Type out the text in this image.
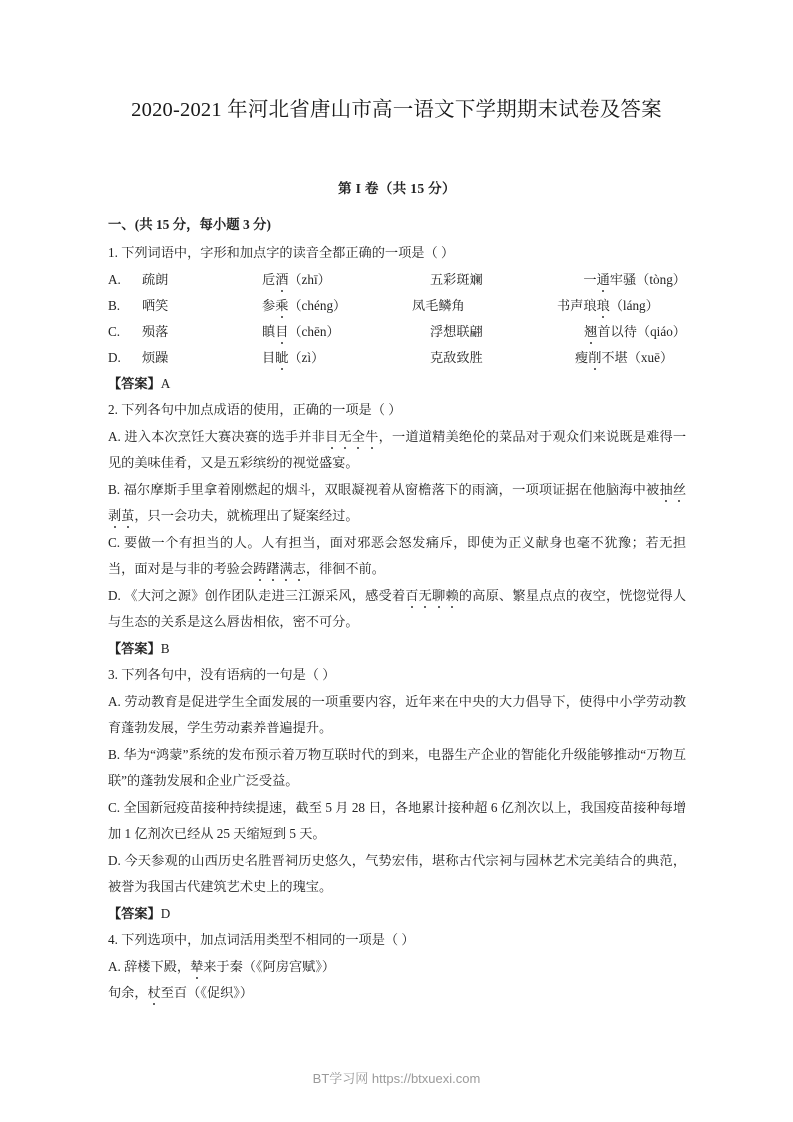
2020-2021 年河北省唐山市高一语文下学期期末试卷及答案
第 I 卷（共 15 分）
一、(共 15 分，每小题 3 分)
1. 下列词语中，字形和加点字的读音全都正确的一项是（ ）
A.	疏朗	卮酒（zhī）	五彩斑斓	一通牢骚（tòng）
B.	哂笑	参乘（chéng）	凤毛鳞角	书声琅琅（láng）
C.	殒落	瞋目（chēn）	浮想联翩	翘首以待（qiáo）
D.	烦躁	目眦（zì）	克敌致胜	瘦削不堪（xuē）
【答案】A
2. 下列各句中加点成语的使用，正确的一项是（ ）
A. 进入本次烹饪大赛决赛的选手并非目无全牛，一道道精美绝伦的菜品对于观众们来说既是难得一见的美味佳肴，又是五彩缤纷的视觉盛宴。
B. 福尔摩斯手里拿着刚燃起的烟斗，双眼凝视着从窗檐落下的雨滴，一项项证据在他脑海中被抽丝剥茧，只一会功夫，就梳理出了疑案经过。
C. 要做一个有担当的人。人有担当，面对邪恶会怒发痛斥，即使为正义献身也毫不犹豫；若无担当，面对是与非的考验会踌躇满志，徘徊不前。
D. 《大河之源》创作团队走进三江源采风，感受着百无聊赖的高原、繁星点点的夜空，恍惚觉得人与生态的关系是这么唇齿相依，密不可分。
【答案】B
3. 下列各句中，没有语病的一句是（ ）
A. 劳动教育是促进学生全面发展的一项重要内容，近年来在中央的大力倡导下，使得中小学劳动教育蓬勃发展，学生劳动素养普遍提升。
B. 华为“鸿蒙”系统的发布预示着万物互联时代的到来，电器生产企业的智能化升级能够推动“万物互联”的蓬勃发展和企业广泛受益。
C. 全国新冠疫苗接种持续提速，截至 5 月 28 日，各地累计接种超 6 亿剂次以上，我国疫苗接种每增加 1 亿剂次已经从 25 天缩短到 5 天。
D. 今天参观的山西历史名胜晋祠历史悠久，气势宏伟，堪称古代宗祠与园林艺术完美结合的典范，被誉为我国古代建筑艺术史上的瑰宝。
【答案】D
4. 下列选项中，加点词活用类型不相同的一项是（ ）
A. 辞楼下殿，辇来于秦（《阿房宫赋》）
旬余，杖至百（《促织》）
BT学习网 https://btxuexi.com
